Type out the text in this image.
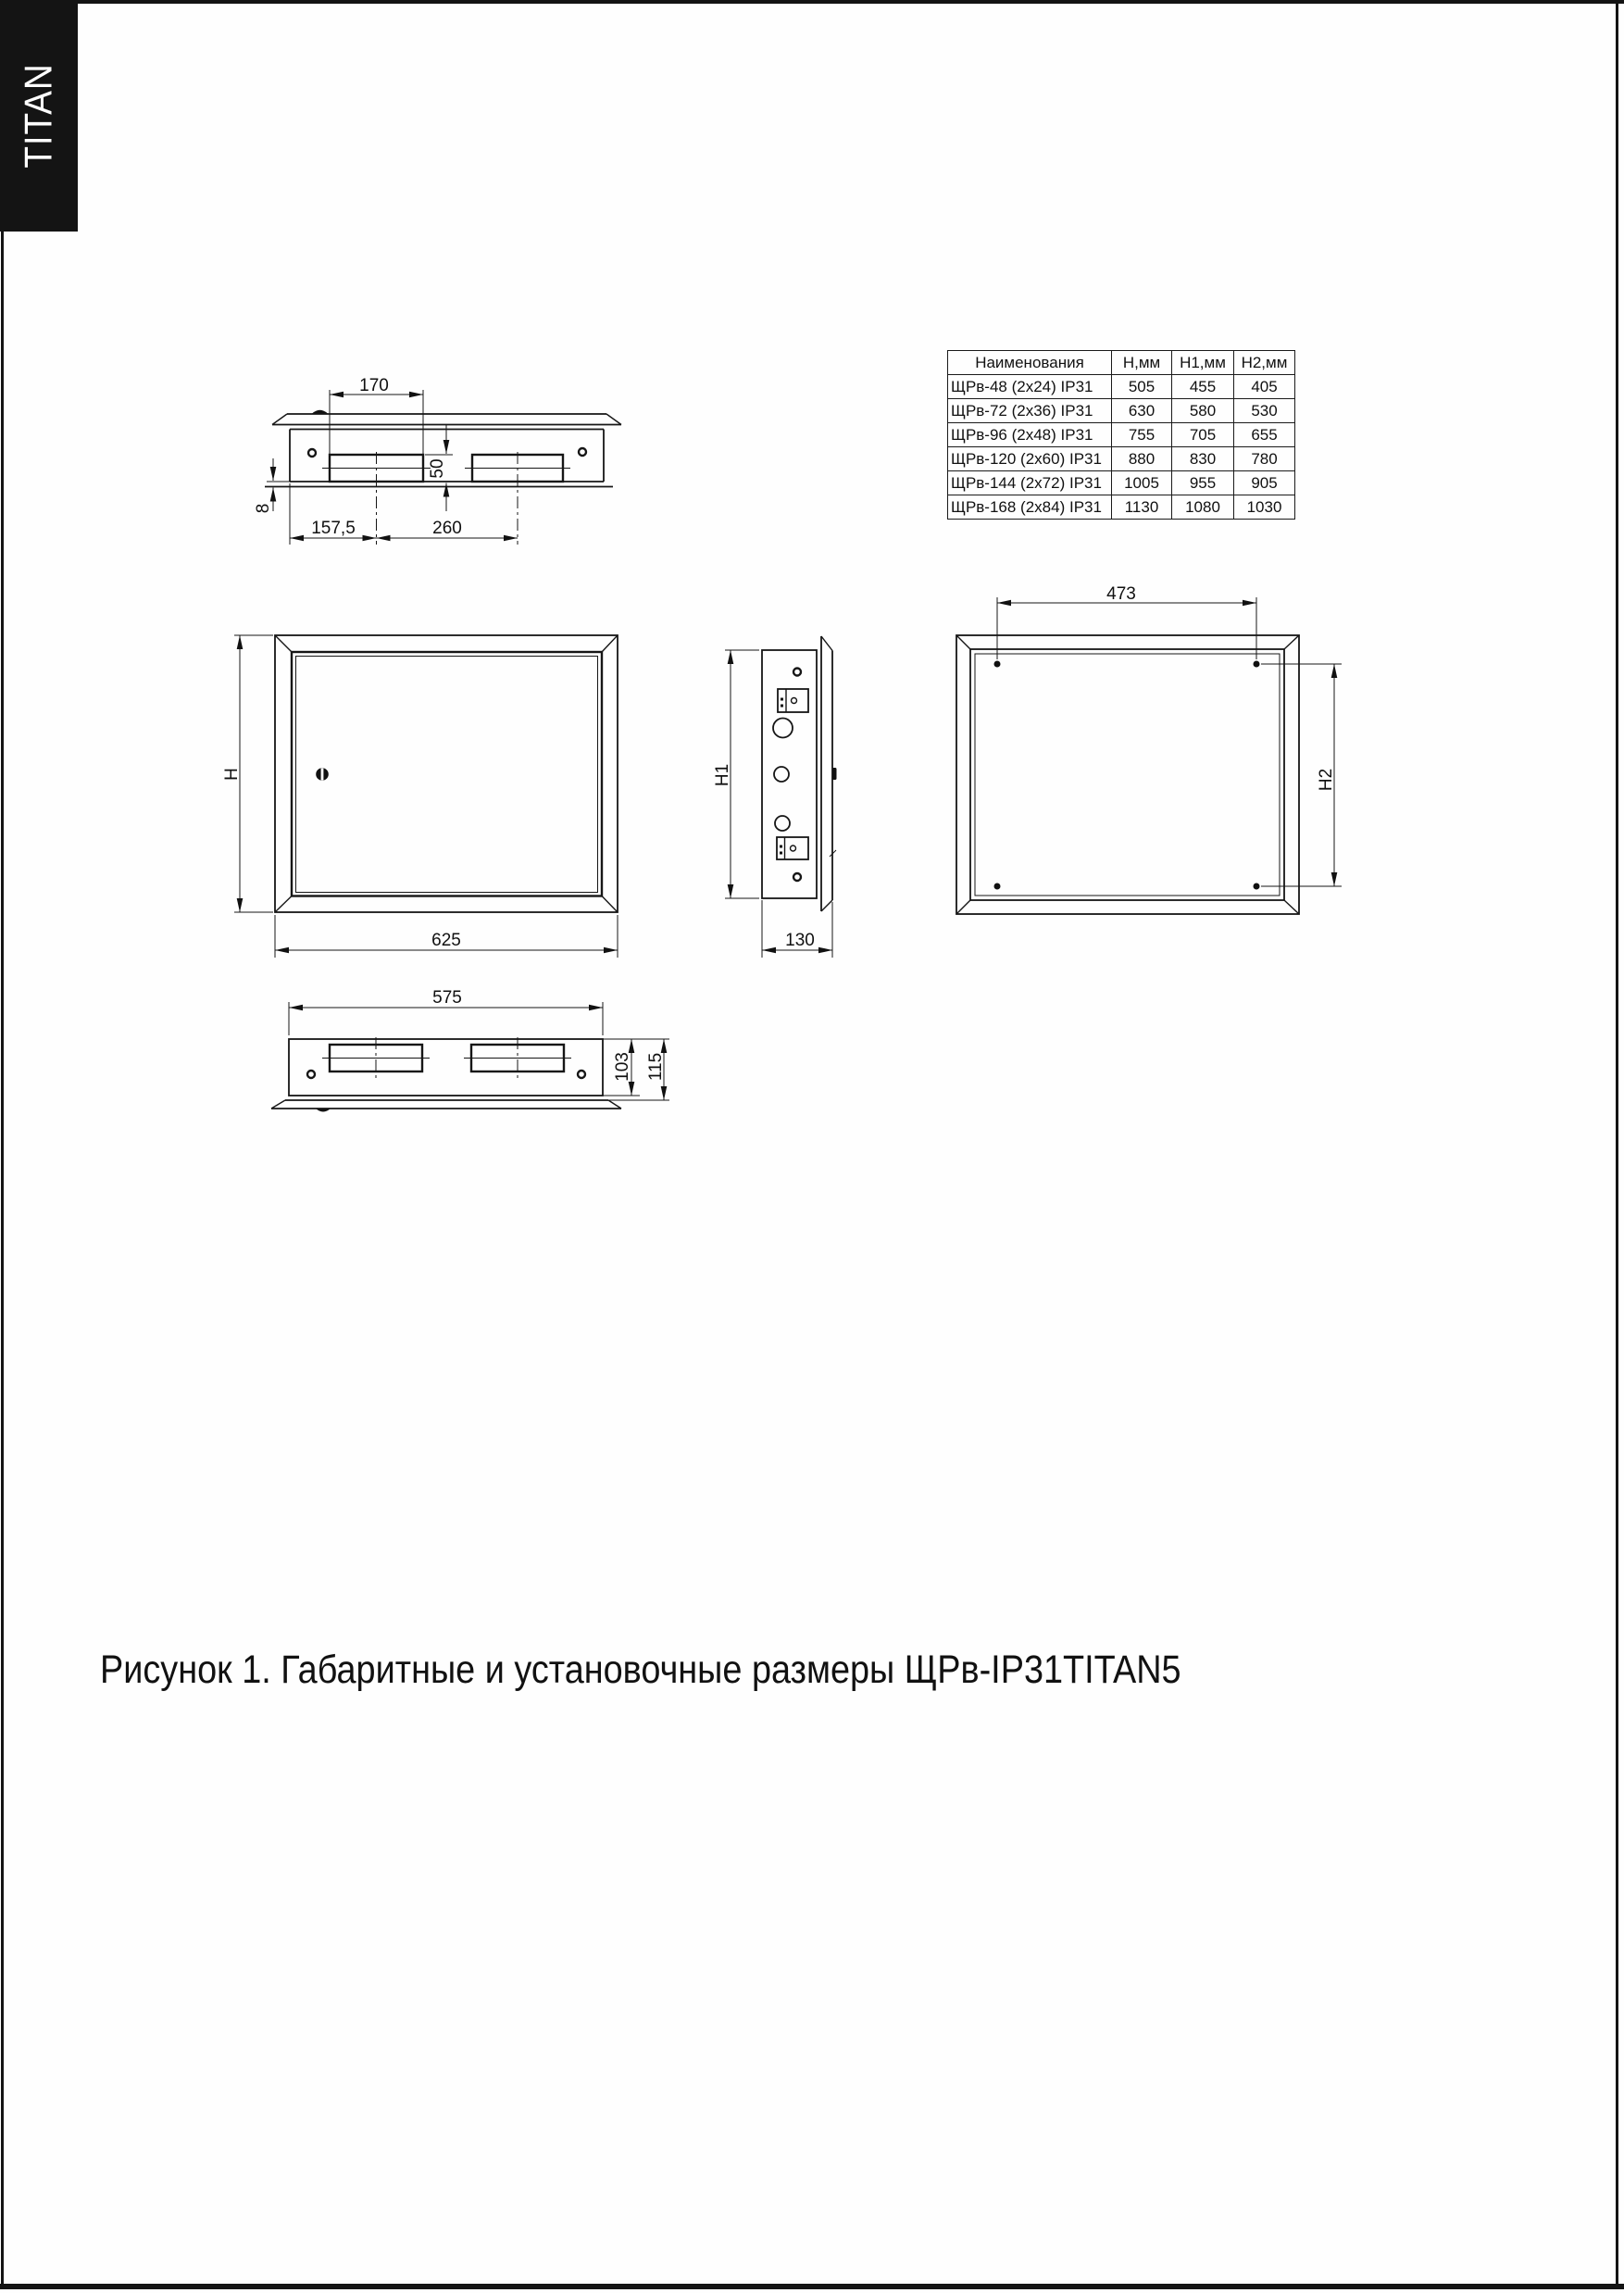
TITAN
170
50
8
157,5	260
H
625
H1
130
473
H2
575
103 115
Наименования	Н,мм	Н1,мм	Н2,мм
ЩРв-48 (2х24) IP31	505	455	405
ЩРв-72 (2х36) IP31	630	580	530
ЩРв-96 (2х48) IP31	755	705	655
ЩРв-120 (2х60) IP31	880	830	780
ЩРв-144 (2х72) IP31	1005	955	905
ЩРв-168 (2х84) IP31	1130	1080	1030
Рисунок 1. Габаритные и установочные размеры ЩРв-IP31TITAN5
